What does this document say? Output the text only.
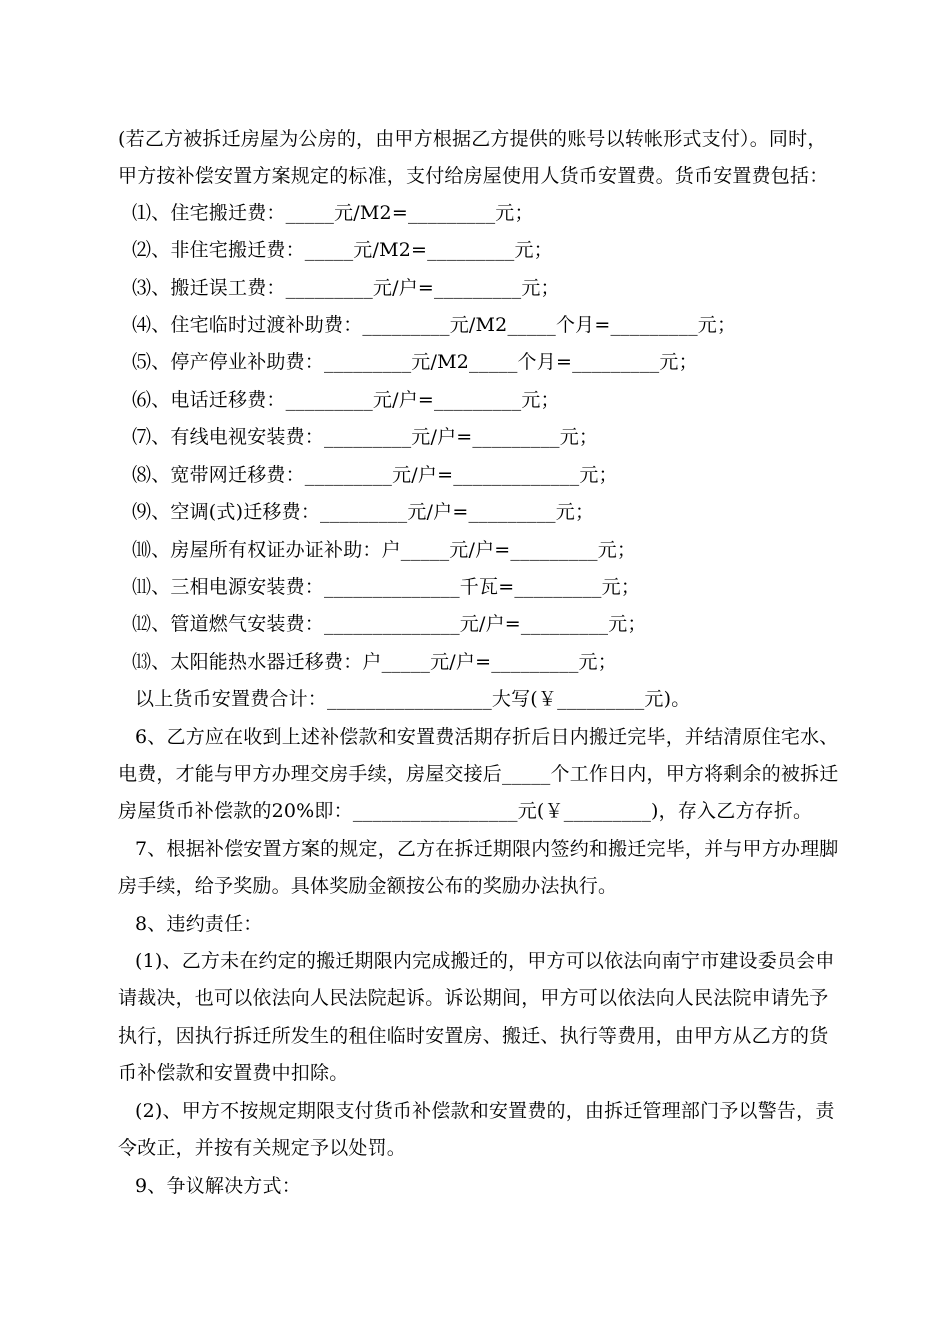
(若乙方被拆迁房屋为公房的，由甲方根据乙方提供的账号以转帐形式支付）。同时，
甲方按补偿安置方案规定的标准，支付给房屋使用人货币安置费。货币安置费包括：
⑴、住宅搬迁费：_____元/M2=_________元；
⑵、非住宅搬迁费：_____元/M2=_________元；
⑶、搬迁误工费：_________元/户=_________元；
⑷、住宅临时过渡补助费：_________元/M2_____个月=_________元；
⑸、停产停业补助费：_________元/M2_____个月=_________元；
⑹、电话迁移费：_________元/户=_________元；
⑺、有线电视安装费：_________元/户=_________元；
⑻、宽带网迁移费：_________元/户=_____________元；
⑼、空调(式)迁移费：_________元/户=_________元；
⑽、房屋所有权证办证补助：户_____元/户=_________元；
⑾、三相电源安装费：______________千瓦=_________元；
⑿、管道燃气安装费：______________元/户=_________元；
⒀、太阳能热水器迁移费：户_____元/户=_________元；
以上货币安置费合计：_________________大写(￥_________元)。
6、乙方应在收到上述补偿款和安置费活期存折后日内搬迁完毕，并结清原住宅水、
电费，才能与甲方办理交房手续，房屋交接后_____个工作日内，甲方将剩余的被拆迁
房屋货币补偿款的20%即：_________________元(￥_________)，存入乙方存折。
7、根据补偿安置方案的规定，乙方在拆迁期限内签约和搬迁完毕，并与甲方办理脚
房手续，给予奖励。具体奖励金额按公布的奖励办法执行。
8、违约责任：
(1)、乙方未在约定的搬迁期限内完成搬迁的，甲方可以依法向南宁市建设委员会申
请裁决，也可以依法向人民法院起诉。诉讼期间，甲方可以依法向人民法院申请先予
执行，因执行拆迁所发生的租住临时安置房、搬迁、执行等费用，由甲方从乙方的货
币补偿款和安置费中扣除。
(2)、甲方不按规定期限支付货币补偿款和安置费的，由拆迁管理部门予以警告，责
令改正，并按有关规定予以处罚。
9、争议解决方式：
